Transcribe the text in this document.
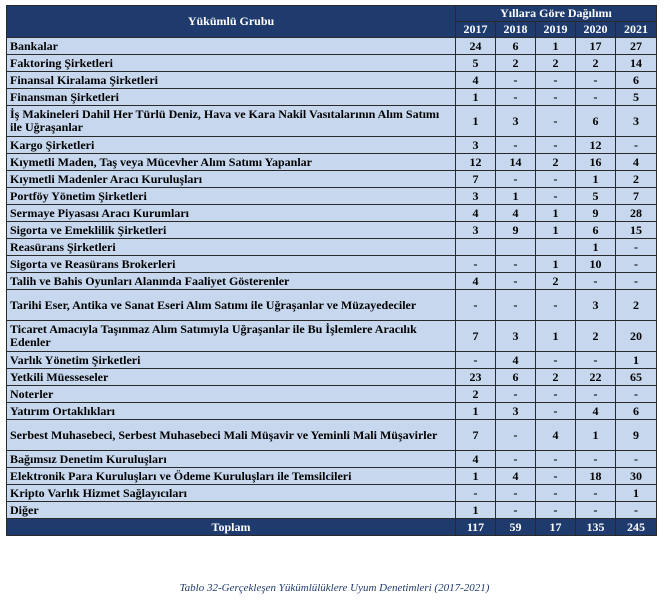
Yükümlü Grubu	Yıllara Göre Dağılımı				
	2017	2018	2019	2020	2021
Bankalar	24	6	1	17	27
Faktoring Şirketleri	5	2	2	2	14
Finansal Kiralama Şirketleri	4	-	-	-	6
Finansman Şirketleri	1	-	-	-	5
İş Makineleri Dahil Her Türlü Deniz, Hava ve Kara Nakil Vasıtalarının Alım Satımı ile Uğraşanlar	1	3	-	6	3
Kargo Şirketleri	3	-	-	12	-
Kıymetli Maden, Taş veya Mücevher Alım Satımı Yapanlar	12	14	2	16	4
Kıymetli Madenler Aracı Kuruluşları	7	-	-	1	2
Portföy Yönetim Şirketleri	3	1	-	5	7
Sermaye Piyasası Aracı Kurumları	4	4	1	9	28
Sigorta ve Emeklilik Şirketleri	3	9	1	6	15
Reasürans Şirketleri				1	-
Sigorta ve Reasürans Brokerleri	-	-	1	10	-
Talih ve Bahis Oyunları Alanında Faaliyet Gösterenler	4	-	2	-	-
Tarihi Eser, Antika ve Sanat Eseri Alım Satımı ile Uğraşanlar ve Müzayedeciler	-	-	-	3	2
Ticaret Amacıyla Taşınmaz Alım Satımıyla Uğraşanlar ile Bu İşlemlere Aracılık Edenler	7	3	1	2	20
Varlık Yönetim Şirketleri	-	4	-	-	1
Yetkili Müesseseler	23	6	2	22	65
Noterler	2	-	-	-	-
Yatırım Ortaklıkları	1	3	-	4	6
Serbest Muhasebeci, Serbest Muhasebeci Mali Müşavir ve Yeminli Mali Müşavirler	7	-	4	1	9
Bağımsız Denetim Kuruluşları	4	-	-	-	-
Elektronik Para Kuruluşları ve Ödeme Kuruluşları ile Temsilcileri	1	4	-	18	30
Kripto Varlık Hizmet Sağlayıcıları	-	-	-	-	1
Diğer	1	-	-	-	-
Toplam	117	59	17	135	245
Tablo 32-Gerçekleşen Yükümlülüklere Uyum Denetimleri (2017-2021)
